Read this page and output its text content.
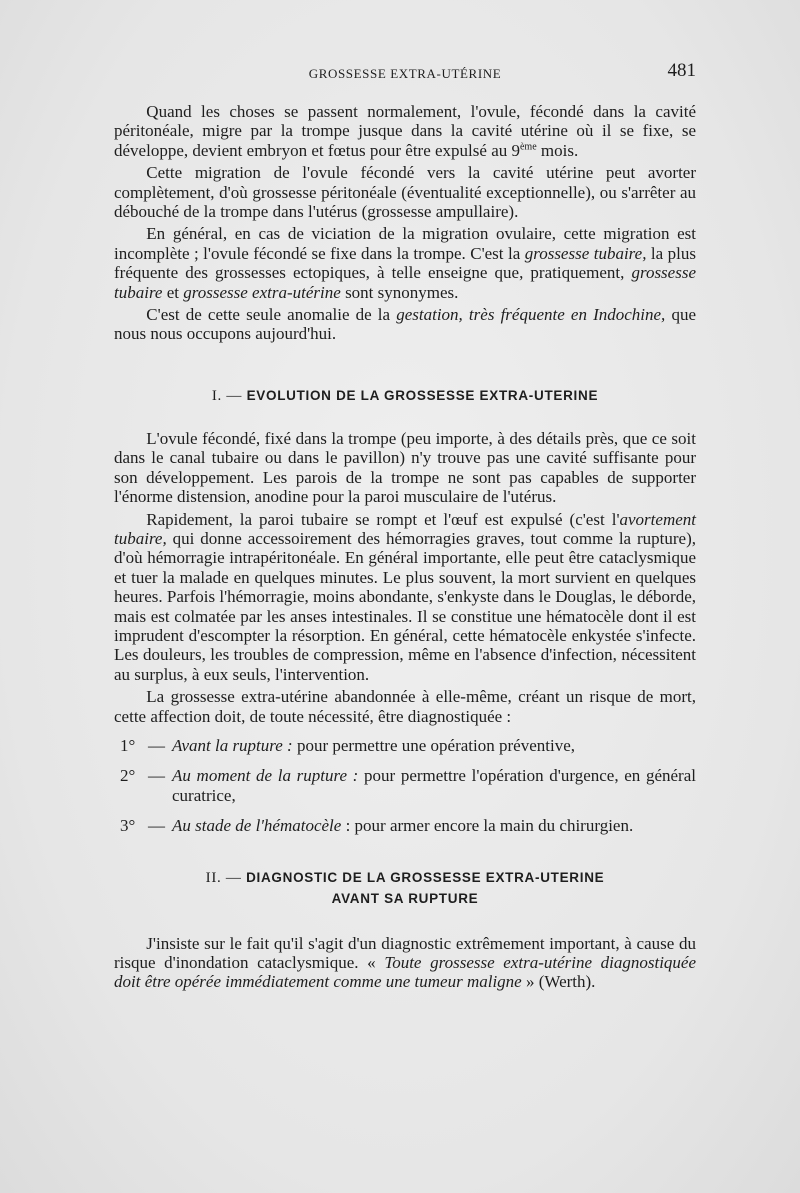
GROSSESSE EXTRA-UTÉRINE	481

Quand les choses se passent normalement, l'ovule, fécondé dans la cavité péritonéale, migre par la trompe jusque dans la cavité utérine où il se fixe, se développe, devient embryon et fœtus pour être expulsé au 9ème mois.

Cette migration de l'ovule fécondé vers la cavité utérine peut avorter complètement, d'où grossesse péritonéale (éventualité exceptionnelle), ou s'arrêter au débouché de la trompe dans l'utérus (grossesse ampullaire).

En général, en cas de viciation de la migration ovulaire, cette migration est incomplète ; l'ovule fécondé se fixe dans la trompe. C'est la grossesse tubaire, la plus fréquente des grossesses ectopiques, à telle enseigne que, pratiquement, grossesse tubaire et grossesse extra-utérine sont synonymes.

C'est de cette seule anomalie de la gestation, très fréquente en Indochine, que nous nous occupons aujourd'hui.

I. — EVOLUTION DE LA GROSSESSE EXTRA-UTERINE

L'ovule fécondé, fixé dans la trompe (peu importe, à des détails près, que ce soit dans le canal tubaire ou dans le pavillon) n'y trouve pas une cavité suffisante pour son développement. Les parois de la trompe ne sont pas capables de supporter l'énorme distension, anodine pour la paroi musculaire de l'utérus.

Rapidement, la paroi tubaire se rompt et l'œuf est expulsé (c'est l'avortement tubaire, qui donne accessoirement des hémorragies graves, tout comme la rupture), d'où hémorragie intrapéritonéale. En général importante, elle peut être cataclysmique et tuer la malade en quelques minutes. Le plus souvent, la mort survient en quelques heures. Parfois l'hémorragie, moins abondante, s'enkyste dans le Douglas, le déborde, mais est colmatée par les anses intestinales. Il se constitue une hématocèle dont il est imprudent d'escompter la résorption. En général, cette hématocèle enkystée s'infecte. Les douleurs, les troubles de compression, même en l'absence d'infection, nécessitent au surplus, à eux seuls, l'intervention.

La grossesse extra-utérine abandonnée à elle-même, créant un risque de mort, cette affection doit, de toute nécessité, être diagnostiquée :

1° — Avant la rupture : pour permettre une opération préventive,
2° — Au moment de la rupture : pour permettre l'opération d'urgence, en général curatrice,
3° — Au stade de l'hématocèle : pour armer encore la main du chirurgien.
II. — DIAGNOSTIC DE LA GROSSESSE EXTRA-UTERINE
AVANT SA RUPTURE

J'insiste sur le fait qu'il s'agit d'un diagnostic extrêmement important, à cause du risque d'inondation cataclysmique. « Toute grossesse extra-utérine diagnostiquée doit être opérée immédiatement comme une tumeur maligne » (Werth).
